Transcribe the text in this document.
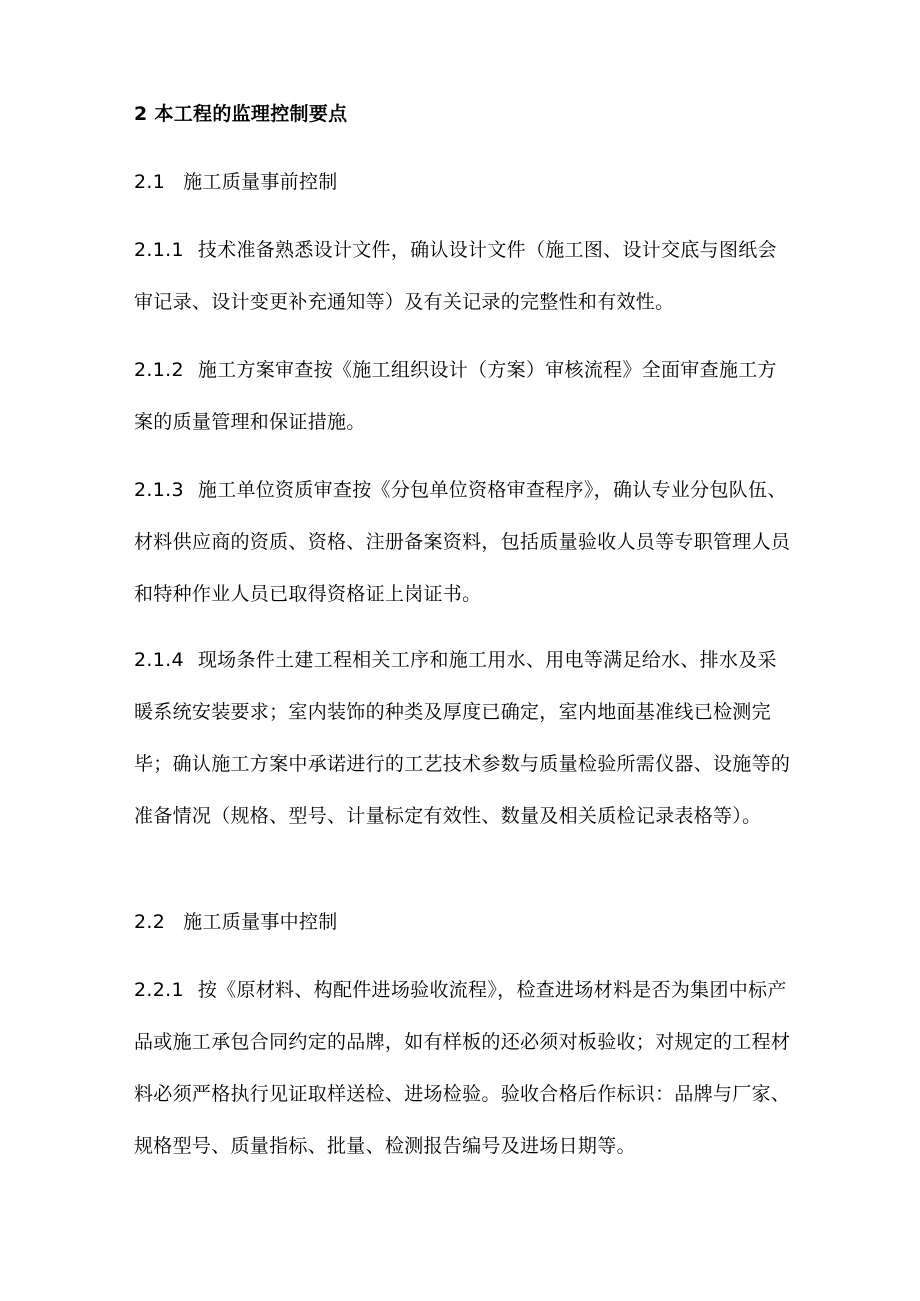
2 本工程的监理控制要点

2.1 施工质量事前控制

2.1.1 技术准备熟悉设计文件，确认设计文件（施工图、设计交底与图纸会审记录、设计变更补充通知等）及有关记录的完整性和有效性。

2.1.2 施工方案审查按《施工组织设计（方案）审核流程》全面审查施工方案的质量管理和保证措施。

2.1.3 施工单位资质审查按《分包单位资格审查程序》，确认专业分包队伍、材料供应商的资质、资格、注册备案资料，包括质量验收人员等专职管理人员和特种作业人员已取得资格证上岗证书。

2.1.4 现场条件土建工程相关工序和施工用水、用电等满足给水、排水及采暖系统安装要求；室内装饰的种类及厚度已确定，室内地面基准线已检测完毕；确认施工方案中承诺进行的工艺技术参数与质量检验所需仪器、设施等的准备情况（规格、型号、计量标定有效性、数量及相关质检记录表格等）。

2.2 施工质量事中控制

2.2.1 按《原材料、构配件进场验收流程》，检查进场材料是否为集团中标产品或施工承包合同约定的品牌，如有样板的还必须对板验收；对规定的工程材料必须严格执行见证取样送检、进场检验。验收合格后作标识：品牌与厂家、规格型号、质量指标、批量、检测报告编号及进场日期等。
